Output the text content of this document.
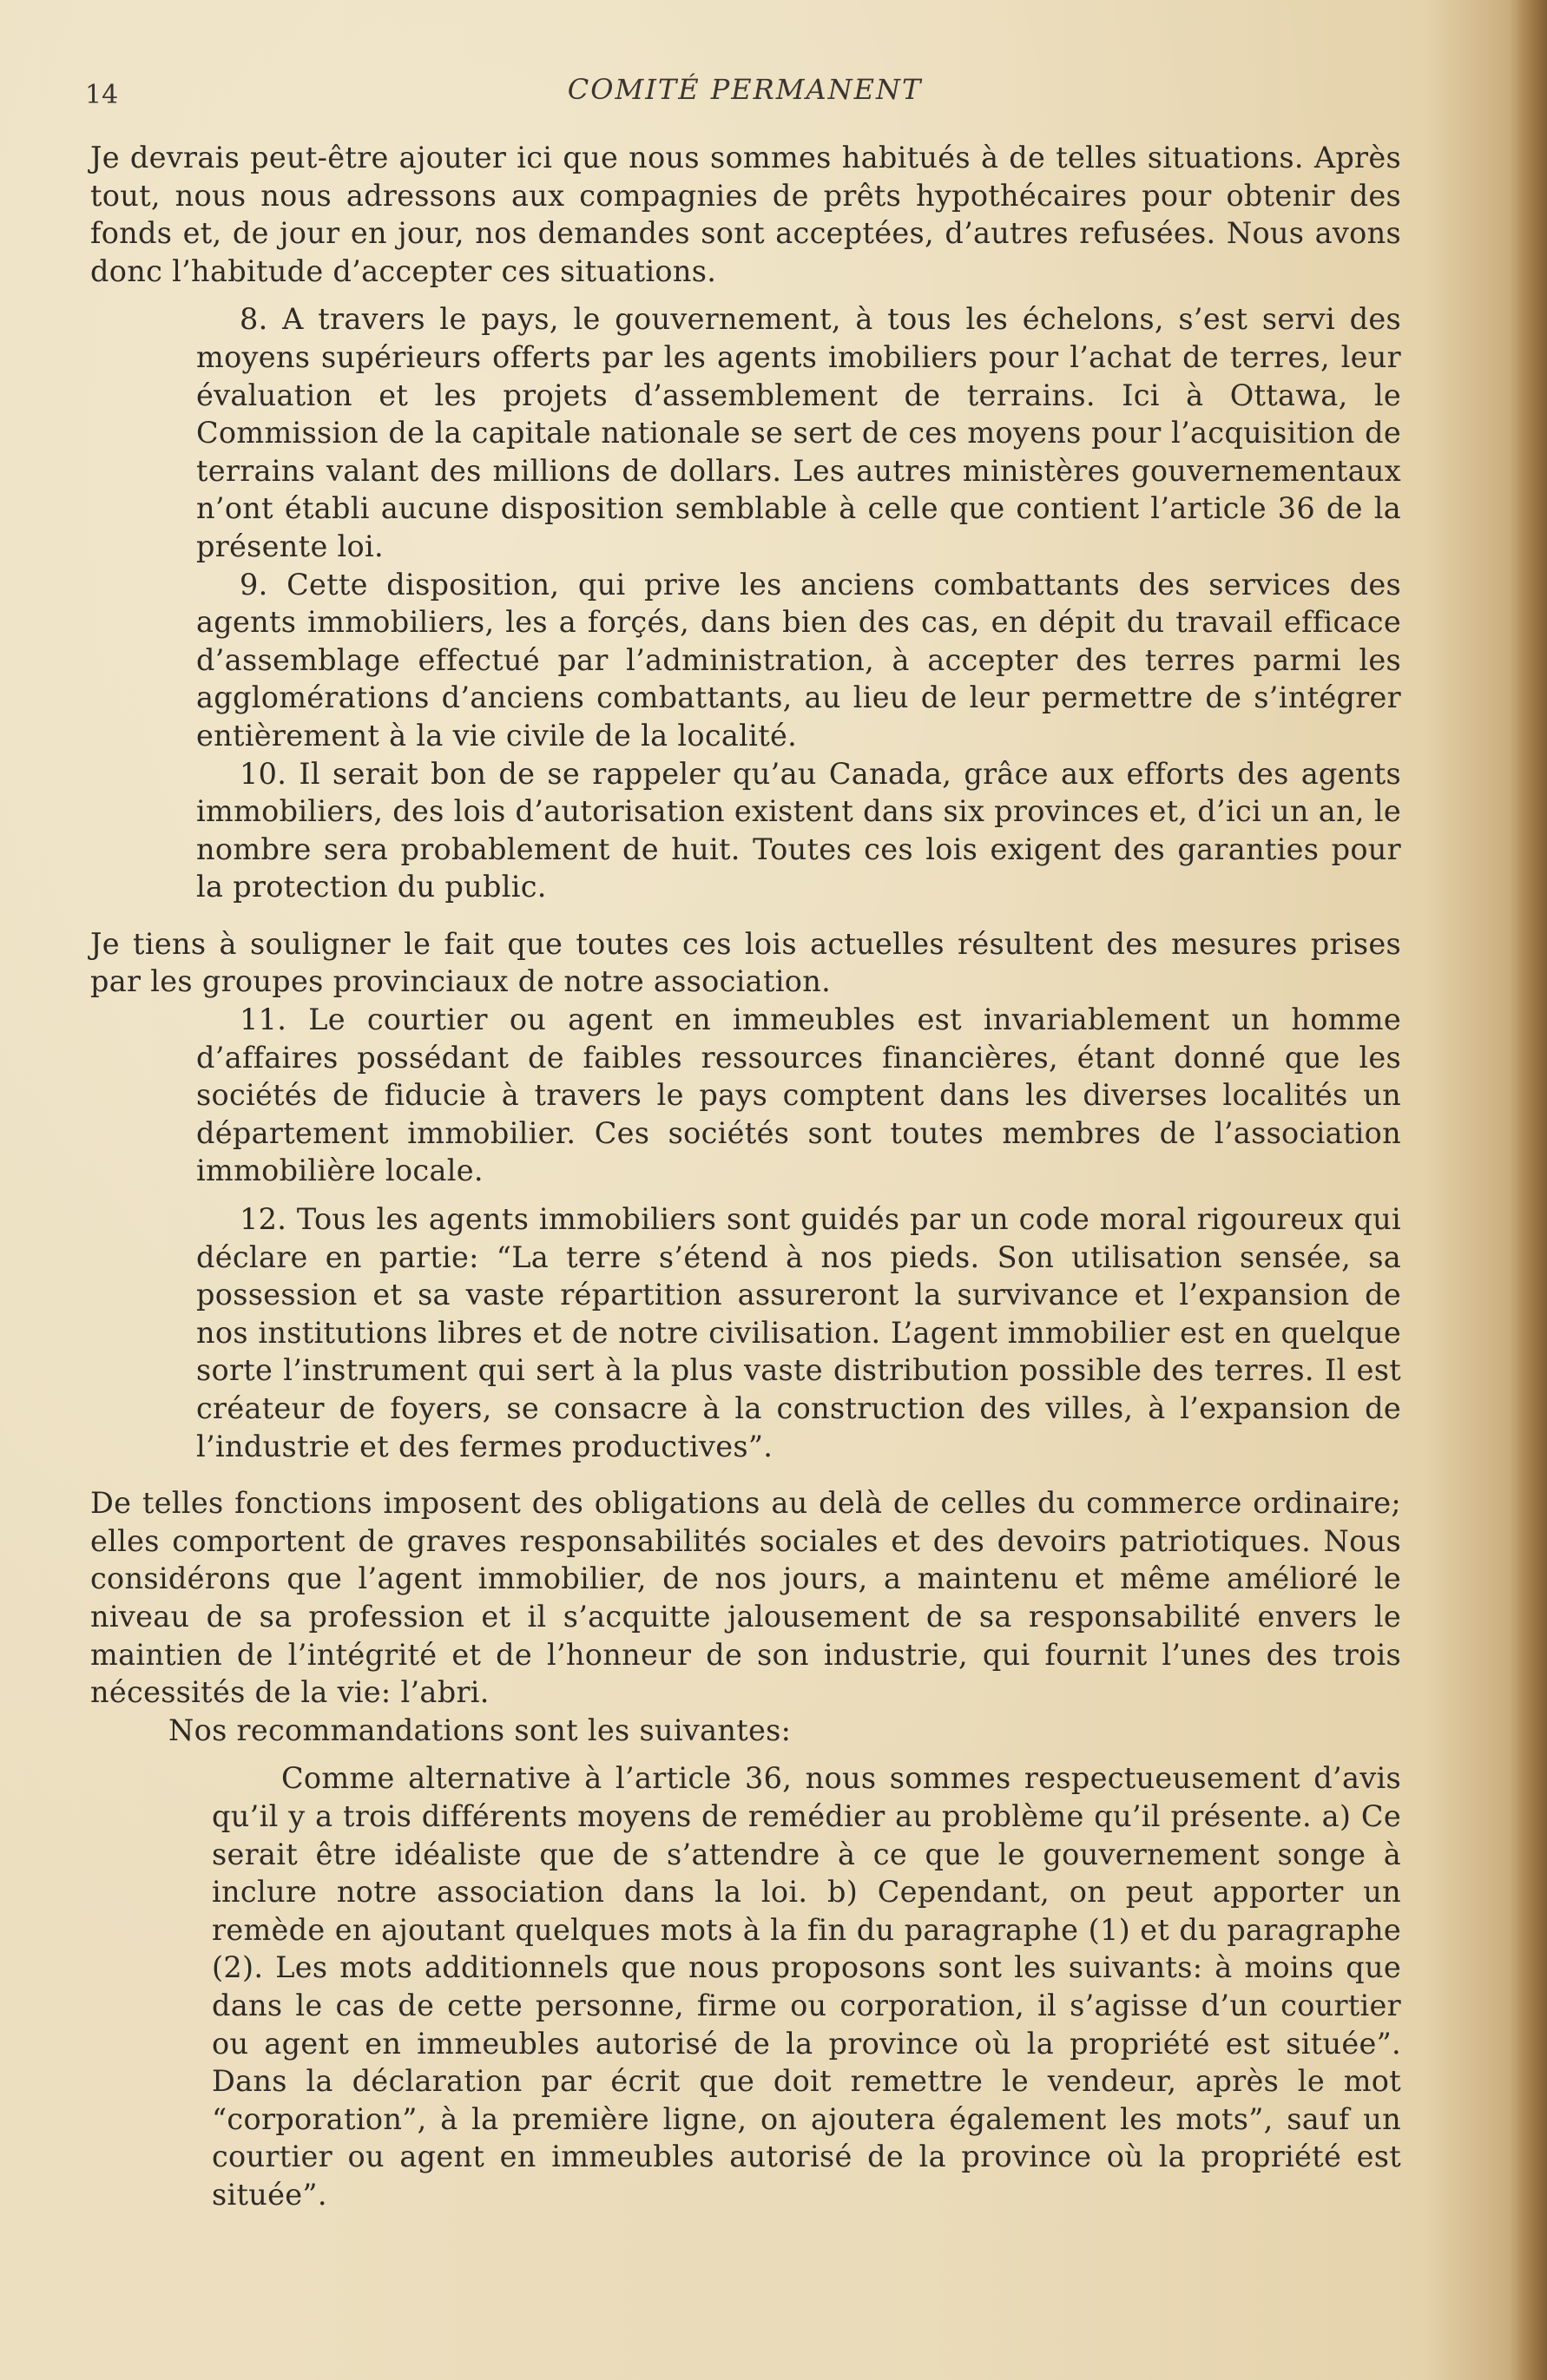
14	COMITÉ PERMANENT

Je devrais peut-être ajouter ici que nous sommes habitués à de telles situations. Après tout, nous nous adressons aux compagnies de prêts hypothécaires pour obtenir des fonds et, de jour en jour, nos demandes sont acceptées, d’autres refusées. Nous avons donc l’habitude d’accepter ces situations.

8. A travers le pays, le gouvernement, à tous les échelons, s’est servi des moyens supérieurs offerts par les agents imobiliers pour l’achat de terres, leur évaluation et les projets d’assemblement de terrains. Ici à Ottawa, le Commission de la capitale nationale se sert de ces moyens pour l’acquisition de terrains valant des millions de dollars. Les autres ministères gouvernementaux n’ont établi aucune disposition semblable à celle que contient l’article 36 de la présente loi.

9. Cette disposition, qui prive les anciens combattants des services des agents immobiliers, les a forçés, dans bien des cas, en dépit du travail efficace d’assemblage effectué par l’administration, à accepter des terres parmi les agglomérations d’anciens combattants, au lieu de leur permettre de s’intégrer entièrement à la vie civile de la localité.

10. Il serait bon de se rappeler qu’au Canada, grâce aux efforts des agents immobiliers, des lois d’autorisation existent dans six provinces et, d’ici un an, le nombre sera probablement de huit. Toutes ces lois exigent des garanties pour la protection du public.

Je tiens à souligner le fait que toutes ces lois actuelles résultent des mesures prises par les groupes provinciaux de notre association.

11. Le courtier ou agent en immeubles est invariablement un homme d’affaires possédant de faibles ressources financières, étant donné que les sociétés de fiducie à travers le pays comptent dans les diverses localités un département immobilier. Ces sociétés sont toutes membres de l’association immobilière locale.

12. Tous les agents immobiliers sont guidés par un code moral rigoureux qui déclare en partie: “La terre s’étend à nos pieds. Son utilisation sensée, sa possession et sa vaste répartition assureront la survivance et l’expansion de nos institutions libres et de notre civilisation. L’agent immobilier est en quelque sorte l’instrument qui sert à la plus vaste distribution possible des terres. Il est créateur de foyers, se consacre à la construction des villes, à l’expansion de l’industrie et des fermes productives”.

De telles fonctions imposent des obligations au delà de celles du commerce ordinaire; elles comportent de graves responsabilités sociales et des devoirs patriotiques. Nous considérons que l’agent immobilier, de nos jours, a maintenu et même amélioré le niveau de sa profession et il s’acquitte jalousement de sa responsabilité envers le maintien de l’intégrité et de l’honneur de son industrie, qui fournit l’unes des trois nécessités de la vie: l’abri.

Nos recommandations sont les suivantes:

Comme alternative à l’article 36, nous sommes respectueusement d’avis qu’il y a trois différents moyens de remédier au problème qu’il présente. a) Ce serait être idéaliste que de s’attendre à ce que le gouvernement songe à inclure notre association dans la loi. b) Cependant, on peut apporter un remède en ajoutant quelques mots à la fin du paragraphe (1) et du paragraphe (2). Les mots additionnels que nous proposons sont les suivants: à moins que dans le cas de cette personne, firme ou corporation, il s’agisse d’un courtier ou agent en immeubles autorisé de la province où la propriété est située”. Dans la déclaration par écrit que doit remettre le vendeur, après le mot “corporation”, à la première ligne, on ajoutera également les mots”, sauf un courtier ou agent en immeubles autorisé de la province où la propriété est située”.
